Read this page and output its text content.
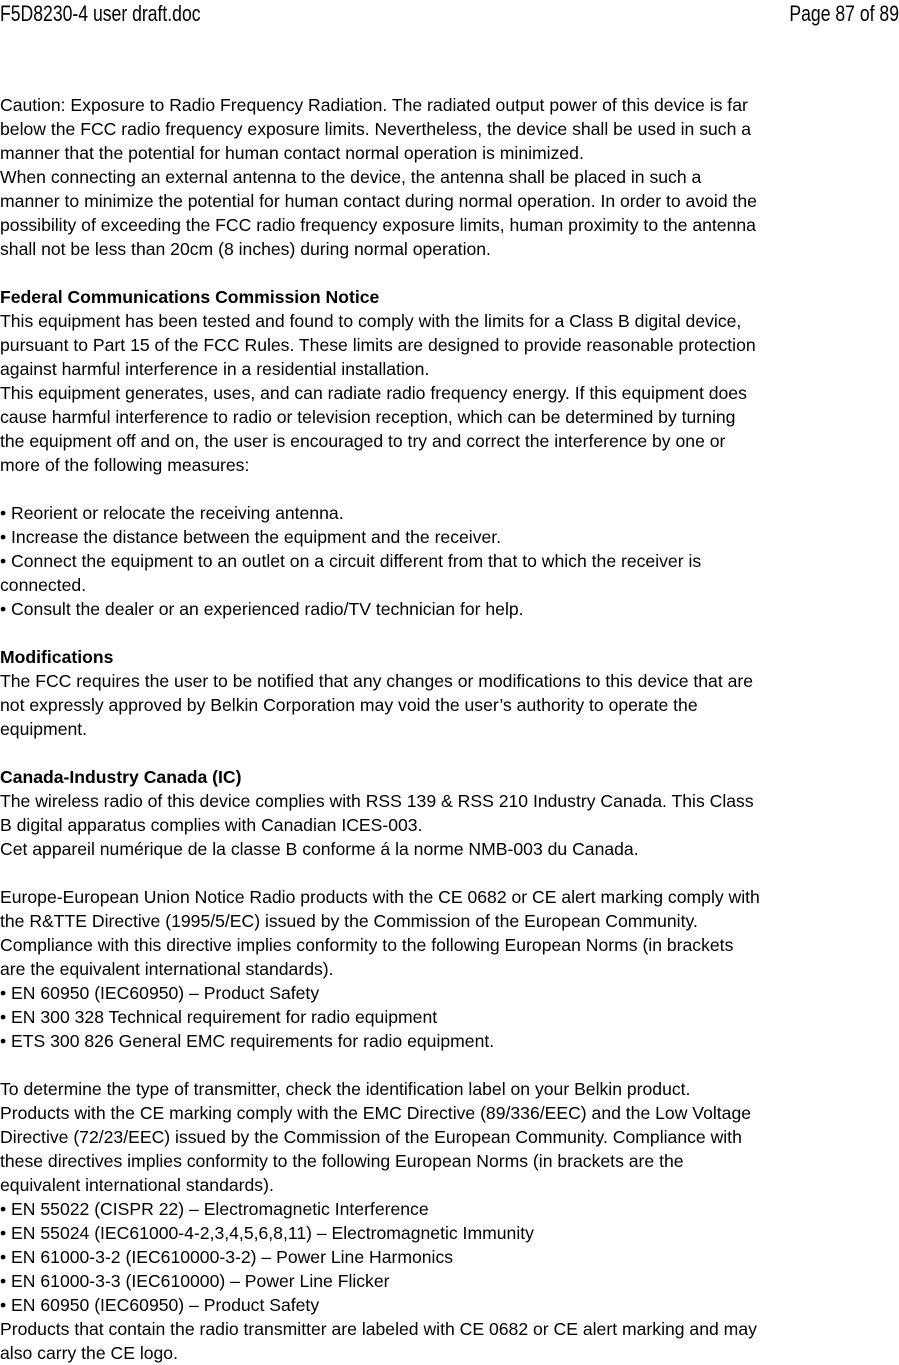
F5D8230-4 user draft.doc	Page 87 of 89
Caution: Exposure to Radio Frequency Radiation. The radiated output power of this device is far
below the FCC radio frequency exposure limits. Nevertheless, the device shall be used in such a
manner that the potential for human contact normal operation is minimized.
When connecting an external antenna to the device, the antenna shall be placed in such a
manner to minimize the potential for human contact during normal operation. In order to avoid the
possibility of exceeding the FCC radio frequency exposure limits, human proximity to the antenna
shall not be less than 20cm (8 inches) during normal operation.
Federal Communications Commission Notice
This equipment has been tested and found to comply with the limits for a Class B digital device,
pursuant to Part 15 of the FCC Rules. These limits are designed to provide reasonable protection
against harmful interference in a residential installation.
This equipment generates, uses, and can radiate radio frequency energy. If this equipment does
cause harmful interference to radio or television reception, which can be determined by turning
the equipment off and on, the user is encouraged to try and correct the interference by one or
more of the following measures:
• Reorient or relocate the receiving antenna.
• Increase the distance between the equipment and the receiver.
• Connect the equipment to an outlet on a circuit different from that to which the receiver is
connected.
• Consult the dealer or an experienced radio/TV technician for help.
Modifications
The FCC requires the user to be notified that any changes or modifications to this device that are
not expressly approved by Belkin Corporation may void the user’s authority to operate the
equipment.
Canada-Industry Canada (IC)
The wireless radio of this device complies with RSS 139 & RSS 210 Industry Canada. This Class
B digital apparatus complies with Canadian ICES-003.
Cet appareil numérique de la classe B conforme á la norme NMB-003 du Canada.
Europe-European Union Notice Radio products with the CE 0682 or CE alert marking comply with
the R&TTE Directive (1995/5/EC) issued by the Commission of the European Community.
Compliance with this directive implies conformity to the following European Norms (in brackets
are the equivalent international standards).
• EN 60950 (IEC60950) – Product Safety
• EN 300 328 Technical requirement for radio equipment
• ETS 300 826 General EMC requirements for radio equipment.
To determine the type of transmitter, check the identification label on your Belkin product.
Products with the CE marking comply with the EMC Directive (89/336/EEC) and the Low Voltage
Directive (72/23/EEC) issued by the Commission of the European Community. Compliance with
these directives implies conformity to the following European Norms (in brackets are the
equivalent international standards).
• EN 55022 (CISPR 22) – Electromagnetic Interference
• EN 55024 (IEC61000-4-2,3,4,5,6,8,11) – Electromagnetic Immunity
• EN 61000-3-2 (IEC610000-3-2) – Power Line Harmonics
• EN 61000-3-3 (IEC610000) – Power Line Flicker
• EN 60950 (IEC60950) – Product Safety
Products that contain the radio transmitter are labeled with CE 0682 or CE alert marking and may
also carry the CE logo.
